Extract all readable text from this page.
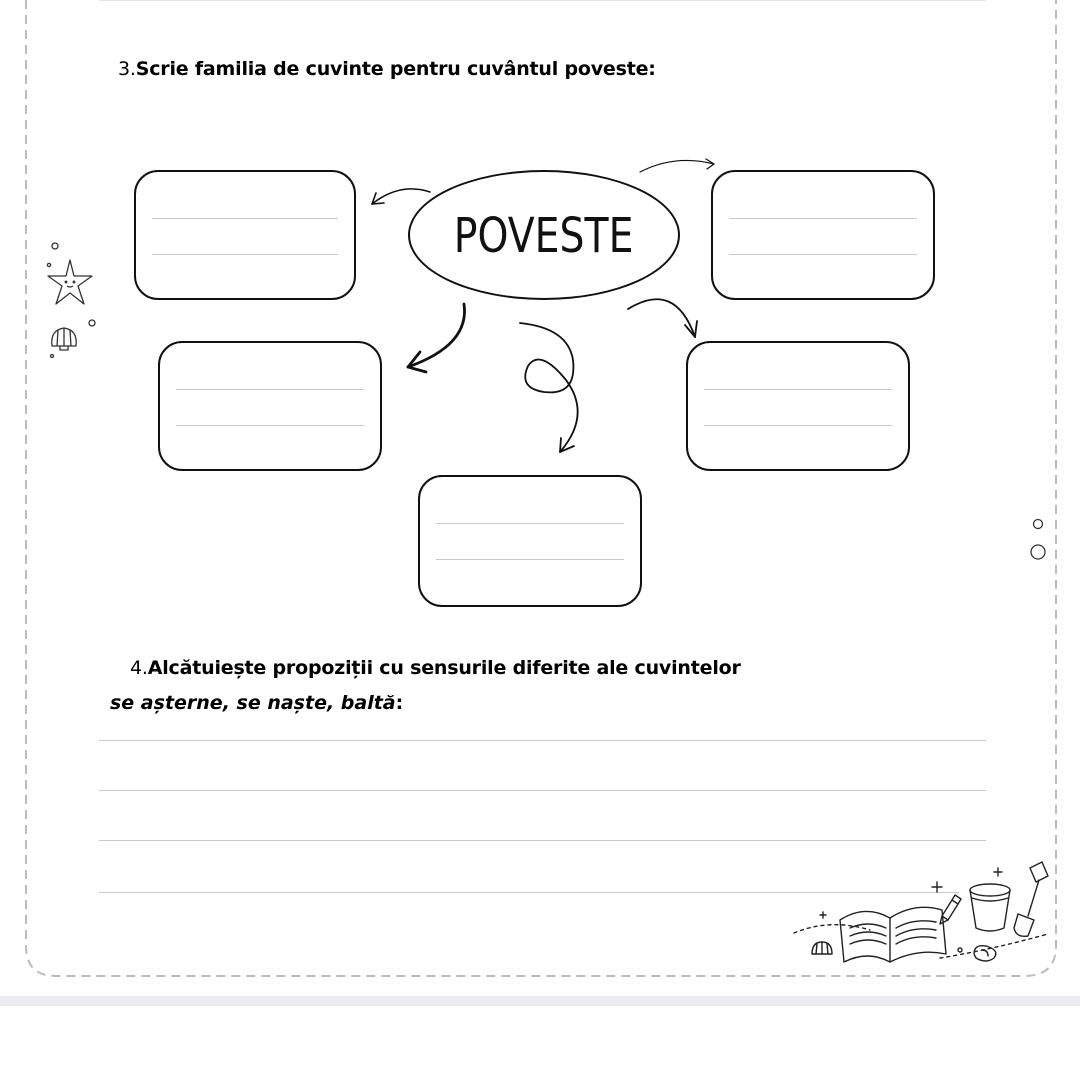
3.Scrie familia de cuvinte pentru cuvântul poveste:
POVESTE
4.Alcătuiește propoziții cu sensurile diferite ale cuvintelor
se așterne, se naște, baltă:
